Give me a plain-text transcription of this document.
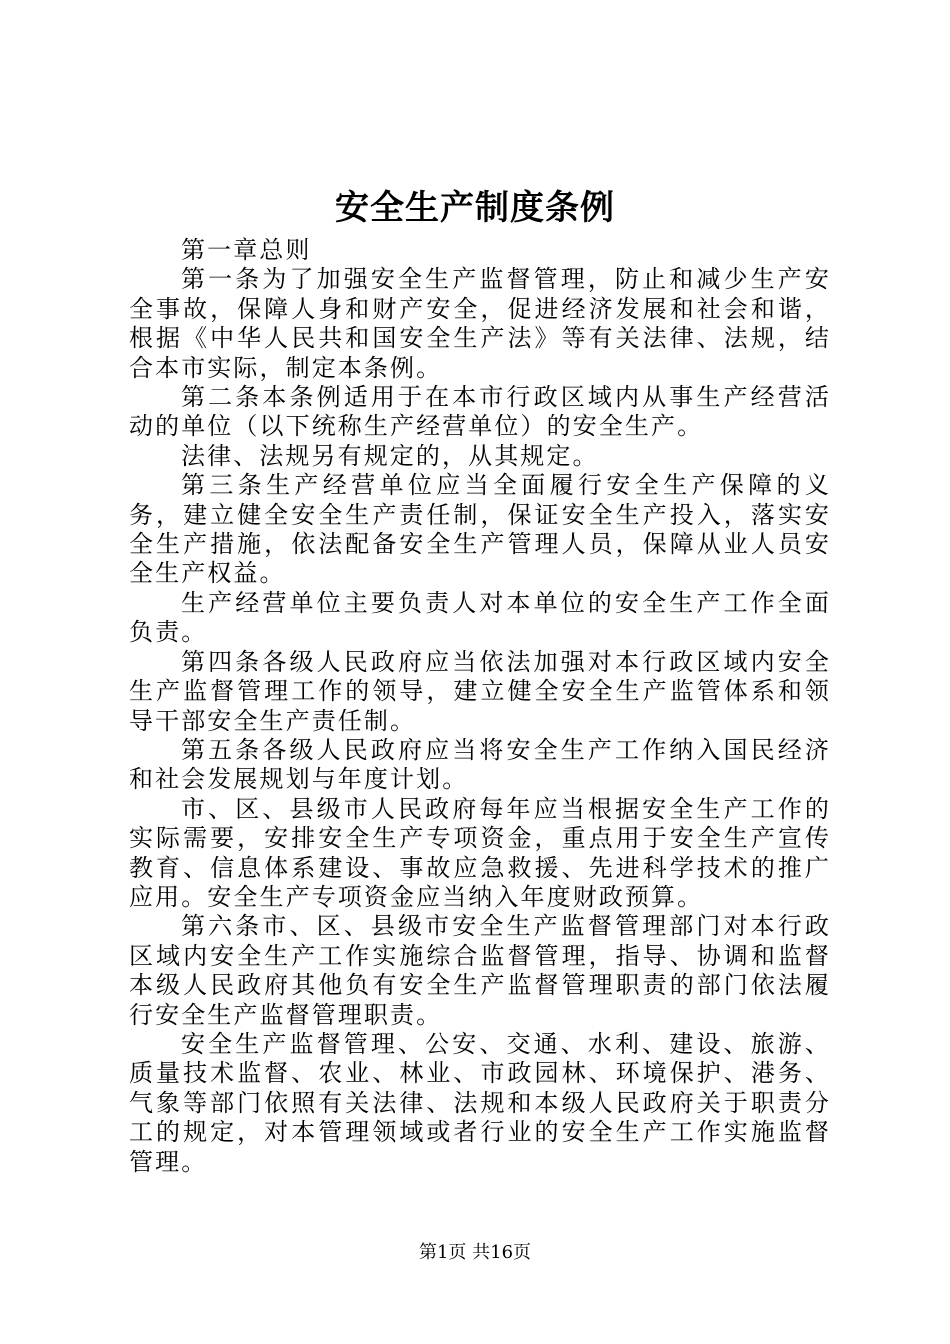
安全生产制度条例

第一章总则

第一条为了加强安全生产监督管理，防止和减少生产安全事故，保障人身和财产安全，促进经济发展和社会和谐，根据《中华人民共和国安全生产法》等有关法律、法规，结合本市实际，制定本条例。

第二条本条例适用于在本市行政区域内从事生产经营活动的单位（以下统称生产经营单位）的安全生产。

法律、法规另有规定的，从其规定。

第三条生产经营单位应当全面履行安全生产保障的义务，建立健全安全生产责任制，保证安全生产投入，落实安全生产措施，依法配备安全生产管理人员，保障从业人员安全生产权益。

生产经营单位主要负责人对本单位的安全生产工作全面负责。

第四条各级人民政府应当依法加强对本行政区域内安全生产监督管理工作的领导，建立健全安全生产监管体系和领导干部安全生产责任制。

第五条各级人民政府应当将安全生产工作纳入国民经济和社会发展规划与年度计划。

市、区、县级市人民政府每年应当根据安全生产工作的实际需要，安排安全生产专项资金，重点用于安全生产宣传教育、信息体系建设、事故应急救援、先进科学技术的推广应用。安全生产专项资金应当纳入年度财政预算。

第六条市、区、县级市安全生产监督管理部门对本行政区域内安全生产工作实施综合监督管理，指导、协调和监督本级人民政府其他负有安全生产监督管理职责的部门依法履行安全生产监督管理职责。

安全生产监督管理、公安、交通、水利、建设、旅游、质量技术监督、农业、林业、市政园林、环境保护、港务、气象等部门依照有关法律、法规和本级人民政府关于职责分工的规定，对本管理领域或者行业的安全生产工作实施监督管理。

第1页 共16页
